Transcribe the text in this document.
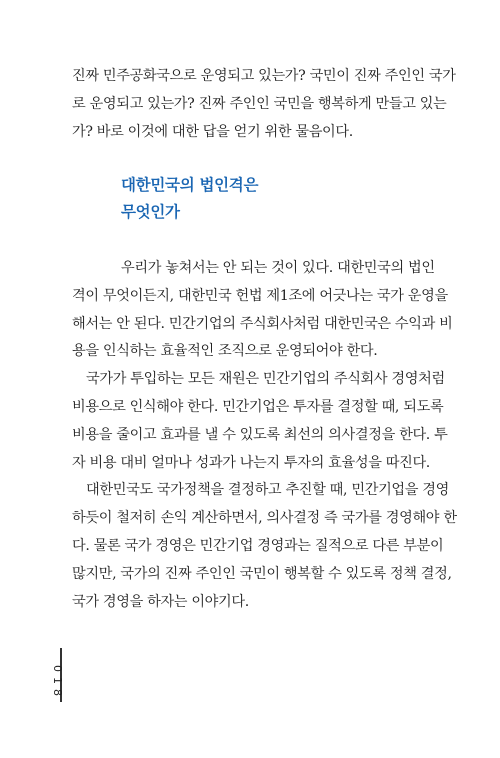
진짜 민주공화국으로 운영되고 있는가? 국민이 진짜 주인인 국가
로 운영되고 있는가? 진짜 주인인 국민을 행복하게 만들고 있는
가? 바로 이것에 대한 답을 얻기 위한 물음이다.
대한민국의 법인격은
무엇인가
우리가 놓쳐서는 안 되는 것이 있다. 대한민국의 법인
격이 무엇이든지, 대한민국 헌법 제1조에 어긋나는 국가 운영을
해서는 안 된다. 민간기업의 주식회사처럼 대한민국은 수익과 비
용을 인식하는 효율적인 조직으로 운영되어야 한다.
국가가 투입하는 모든 재원은 민간기업의 주식회사 경영처럼
비용으로 인식해야 한다. 민간기업은 투자를 결정할 때, 되도록
비용을 줄이고 효과를 낼 수 있도록 최선의 의사결정을 한다. 투
자 비용 대비 얼마나 성과가 나는지 투자의 효율성을 따진다.
대한민국도 국가정책을 결정하고 추진할 때, 민간기업을 경영
하듯이 철저히 손익 계산하면서, 의사결정 즉 국가를 경영해야 한
다. 물론 국가 경영은 민간기업 경영과는 질적으로 다른 부분이
많지만, 국가의 진짜 주인인 국민이 행복할 수 있도록 정책 결정,
국가 경영을 하자는 이야기다.
018
